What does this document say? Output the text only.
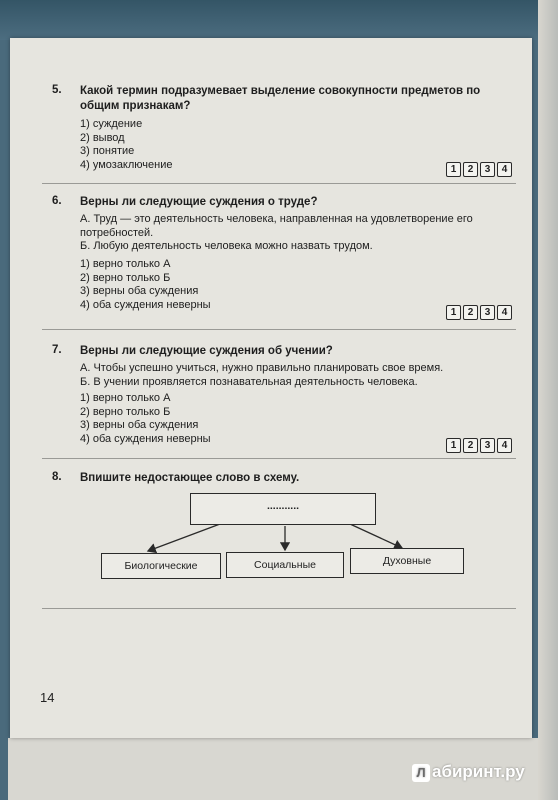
5. Какой термин подразумевает выделение совокупности предметов по общим признакам?
1) суждение
2) вывод
3) понятие
4) умозаключение	1	2	3	4
6. Верны ли следующие суждения о труде?
А. Труд — это деятельность человека, направленная на удовлетворение его потребностей.
Б. Любую деятельность человека можно назвать трудом.
1) верно только А
2) верно только Б
3) верны оба суждения
4) оба суждения неверны
1	2	3	4
7. Верны ли следующие суждения об учении?
А. Чтобы успешно учиться, нужно правильно планировать свое время.
Б. В учении проявляется познавательная деятельность человека.
1) верно только А
2) верно только Б
3) верны оба суждения
4) оба суждения неверны
1	2	3	4
8. Впишите недостающее слово в схему.
...........
Биологические	Социальные	Духовные
14
Л абиринт.ру
